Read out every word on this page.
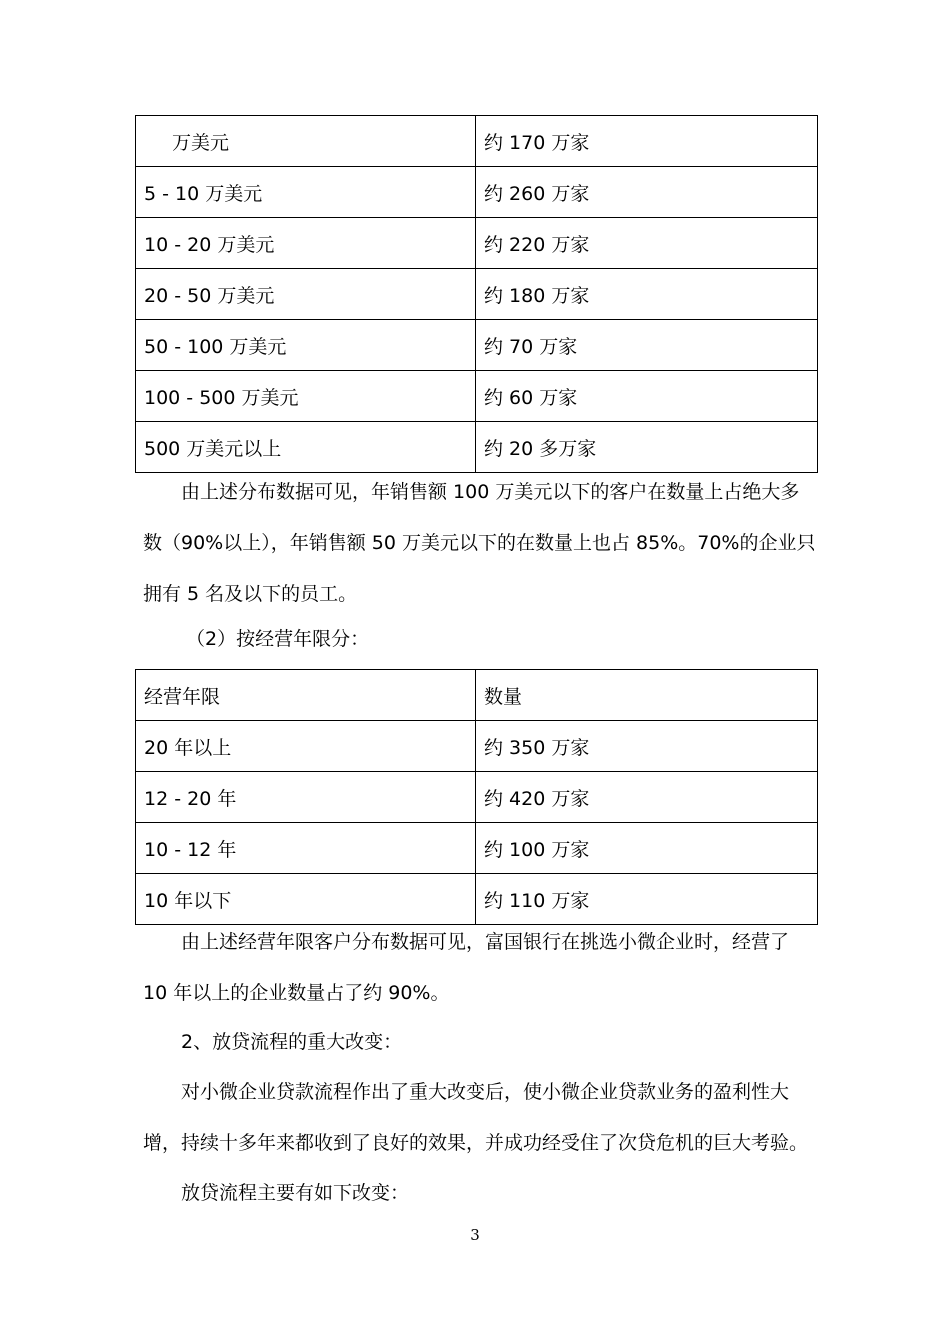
万美元	约 170 万家
5 - 10 万美元	约 260 万家
10 - 20 万美元	约 220 万家
20 - 50 万美元	约 180 万家
50 - 100 万美元	约 70 万家
100 - 500 万美元	约 60 万家
500 万美元以上	约 20 多万家

由上述分布数据可见，年销售额 100 万美元以下的客户在数量上占绝大多
数（90%以上），年销售额 50 万美元以下的在数量上也占 85%。70%的企业只
拥有 5 名及以下的员工。

（2）按经营年限分：

经营年限	数量
20 年以上	约 350 万家
12 - 20 年	约 420 万家
10 - 12 年	约 100 万家
10 年以下	约 110 万家

由上述经营年限客户分布数据可见，富国银行在挑选小微企业时，经营了
10 年以上的企业数量占了约 90%。

2、放贷流程的重大改变：

对小微企业贷款流程作出了重大改变后，使小微企业贷款业务的盈利性大
增，持续十多年来都收到了良好的效果，并成功经受住了次贷危机的巨大考验。

放贷流程主要有如下改变：

3
